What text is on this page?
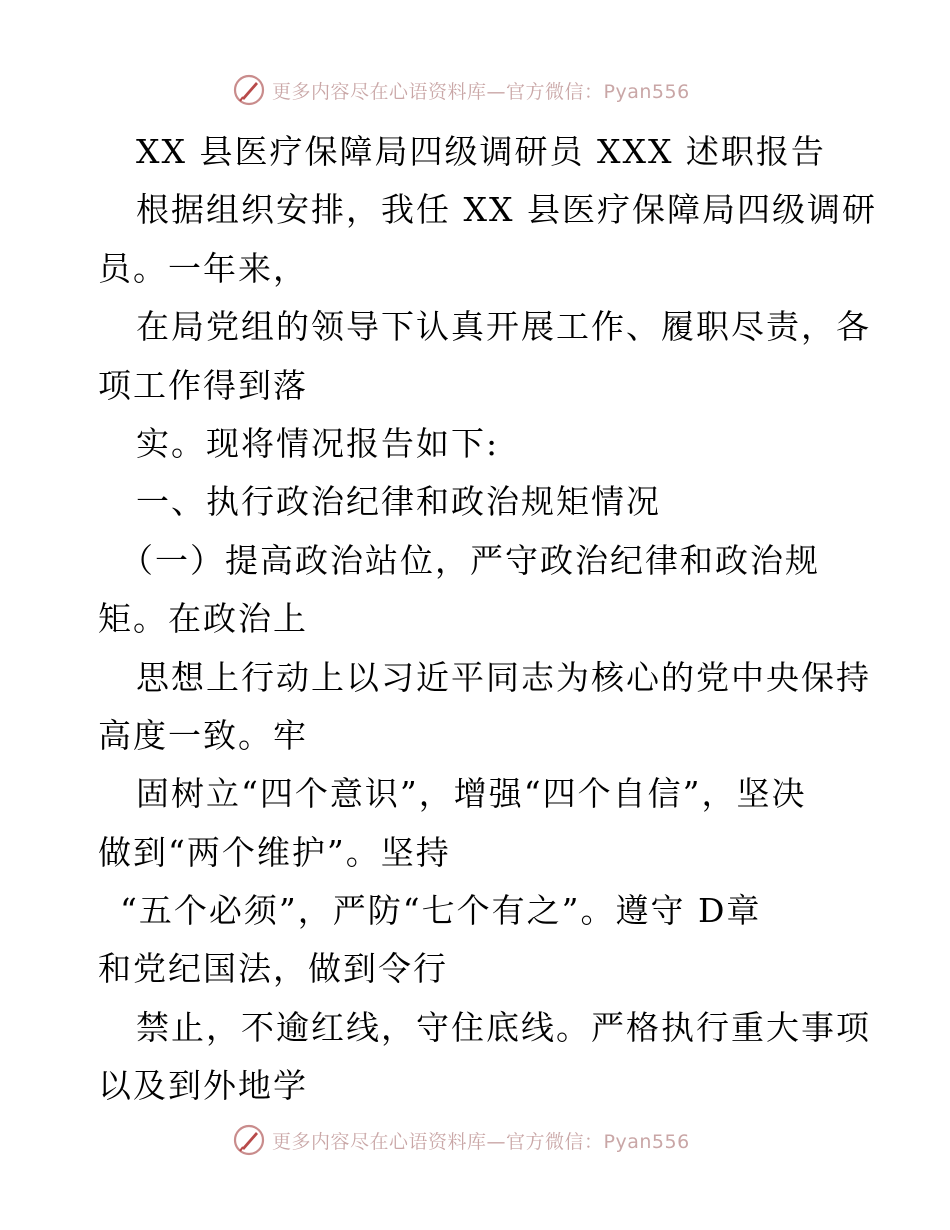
更多内容尽在心语资料库—官方微信：Pyan556
XX 县医疗保障局四级调研员 XXX 述职报告
根据组织安排，我任 XX 县医疗保障局四级调研
员。一年来，
在局党组的领导下认真开展工作、履职尽责，各
项工作得到落
实。现将情况报告如下:
一、执行政治纪律和政治规矩情况
（一）提高政治站位，严守政治纪律和政治规
矩。在政治上
思想上行动上以习近平同志为核心的党中央保持
高度一致。牢
固树立“四个意识”，增强“四个自信”，坚决
做到“两个维护”。坚持
“五个必须”，严防“七个有之”。遵守 D章
和党纪国法，做到令行
禁止，不逾红线，守住底线。严格执行重大事项
以及到外地学
更多内容尽在心语资料库—官方微信：Pyan556
